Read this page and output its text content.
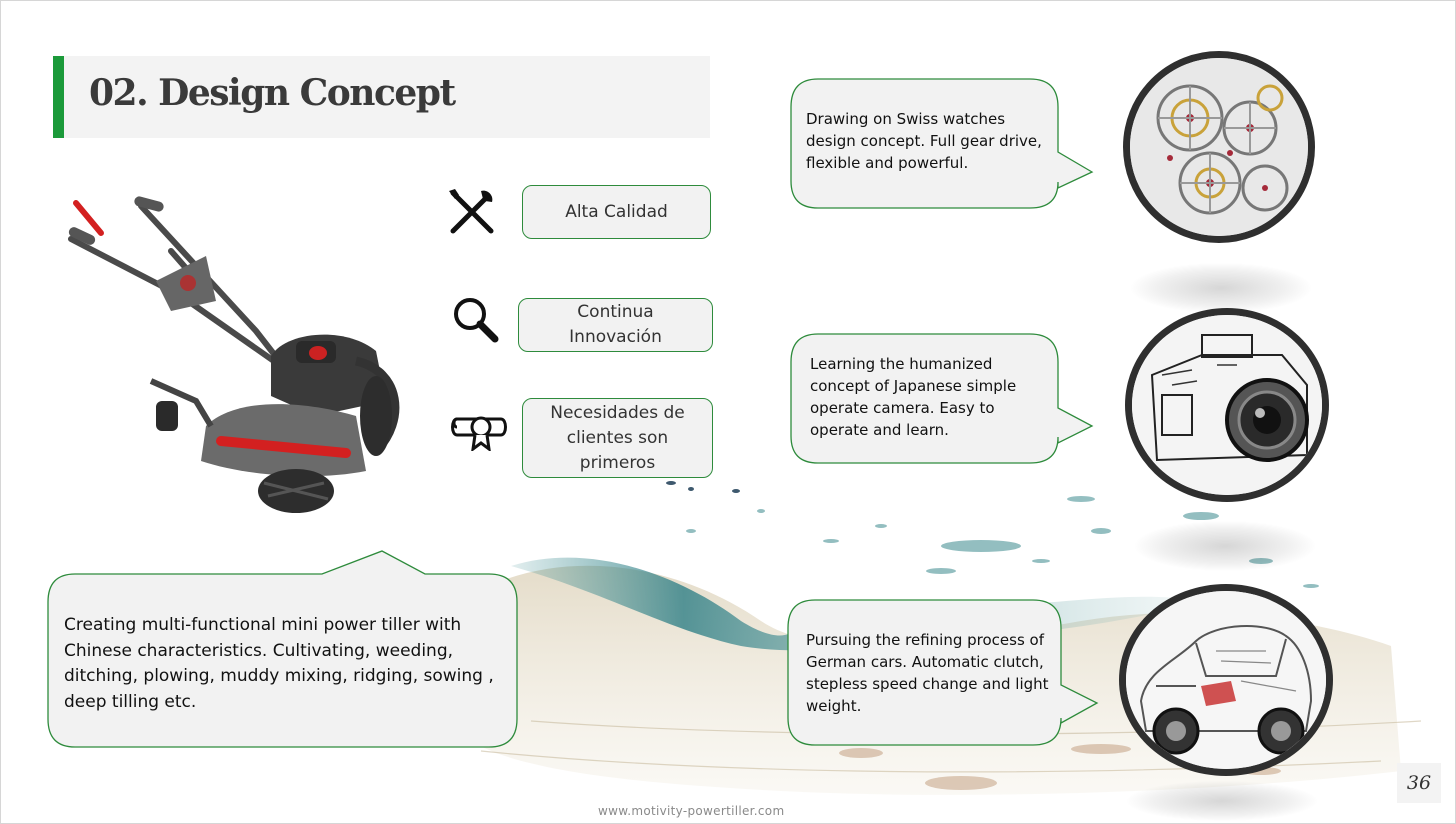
02. Design Concept
Alta Calidad
Continua Innovación
Necesidades de clientes son primeros
Creating multi-functional mini power tiller with Chinese characteristics. Cultivating, weeding, ditching, plowing, muddy mixing, ridging, sowing , deep tilling etc.
Drawing on Swiss watches design concept. Full gear drive, flexible and powerful.
Learning the humanized concept of Japanese simple operate camera. Easy to operate and learn.
Pursuing the refining process of German cars. Automatic clutch, stepless speed change and light weight.
www.motivity-powertiller.com
36
